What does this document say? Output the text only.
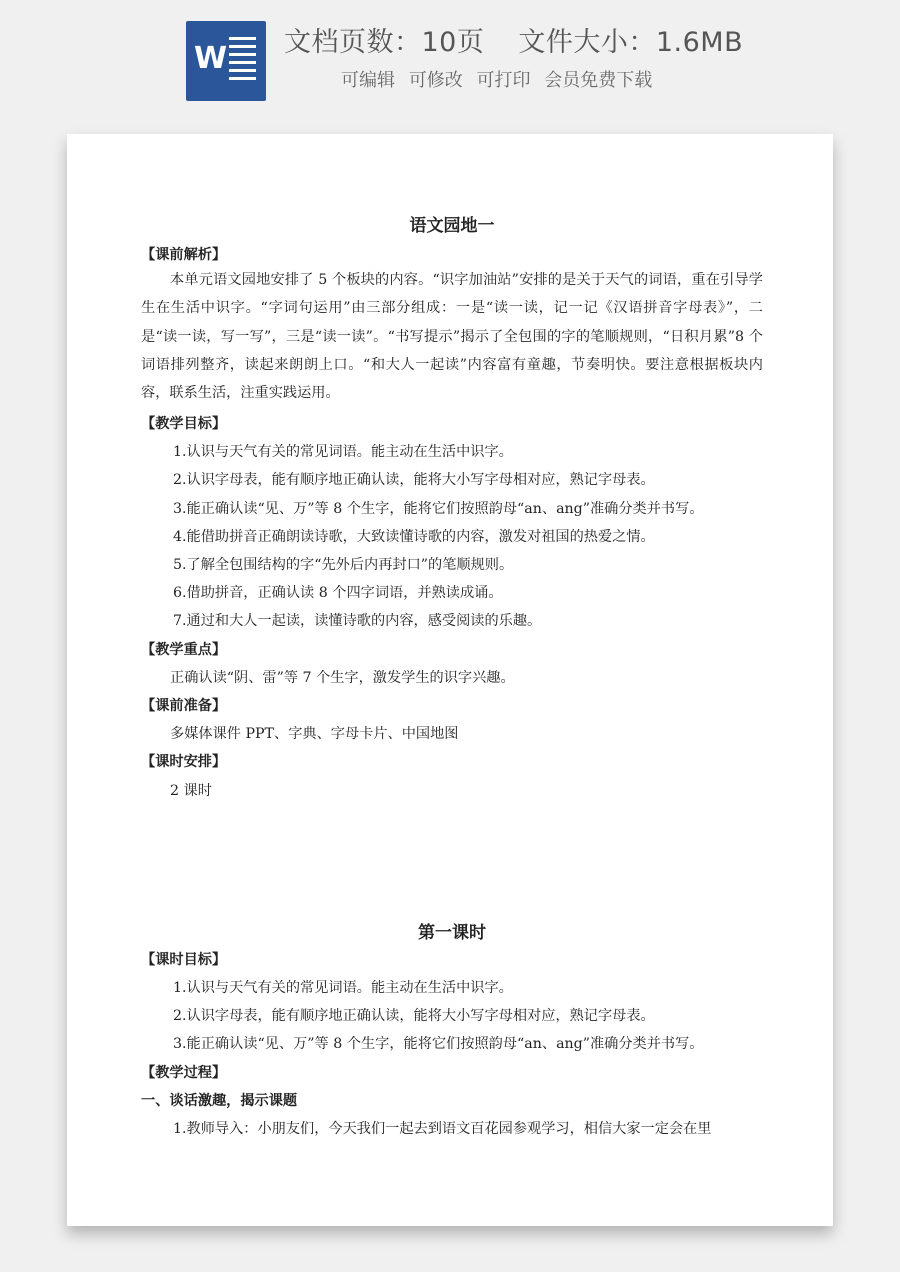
W 文档页数：10页 文件大小：1.6MB
可编辑 可修改 可打印 会员免费下载
语文园地一
【课前解析】
本单元语文园地安排了 5 个板块的内容。“识字加油站”安排的是关于天气的词语，重在引导学生在生活中识字。“字词句运用”由三部分组成：一是“读一读，记一记《汉语拼音字母表》”，二是“读一读，写一写”，三是“读一读”。“书写提示”揭示了全包围的字的笔顺规则，“日积月累”8 个词语排列整齐，读起来朗朗上口。“和大人一起读”内容富有童趣，节奏明快。要注意根据板块内容，联系生活，注重实践运用。
【教学目标】
1.认识与天气有关的常见词语。能主动在生活中识字。
2.认识字母表，能有顺序地正确认读，能将大小写字母相对应，熟记字母表。
3.能正确认读“见、万”等 8 个生字，能将它们按照韵母“an、ang”准确分类并书写。
4.能借助拼音正确朗读诗歌，大致读懂诗歌的内容，激发对祖国的热爱之情。
5.了解全包围结构的字“先外后内再封口”的笔顺规则。
6.借助拼音，正确认读 8 个四字词语，并熟读成诵。
7.通过和大人一起读，读懂诗歌的内容，感受阅读的乐趣。
【教学重点】
正确认读“阴、雷”等 7 个生字，激发学生的识字兴趣。
【课前准备】
多媒体课件 PPT、字典、字母卡片、中国地图
【课时安排】
2 课时
第一课时
【课时目标】
1.认识与天气有关的常见词语。能主动在生活中识字。
2.认识字母表，能有顺序地正确认读，能将大小写字母相对应，熟记字母表。
3.能正确认读“见、万”等 8 个生字，能将它们按照韵母“an、ang”准确分类并书写。
【教学过程】
一、谈话激趣，揭示课题
1.教师导入：小朋友们，今天我们一起去到语文百花园参观学习，相信大家一定会在里
